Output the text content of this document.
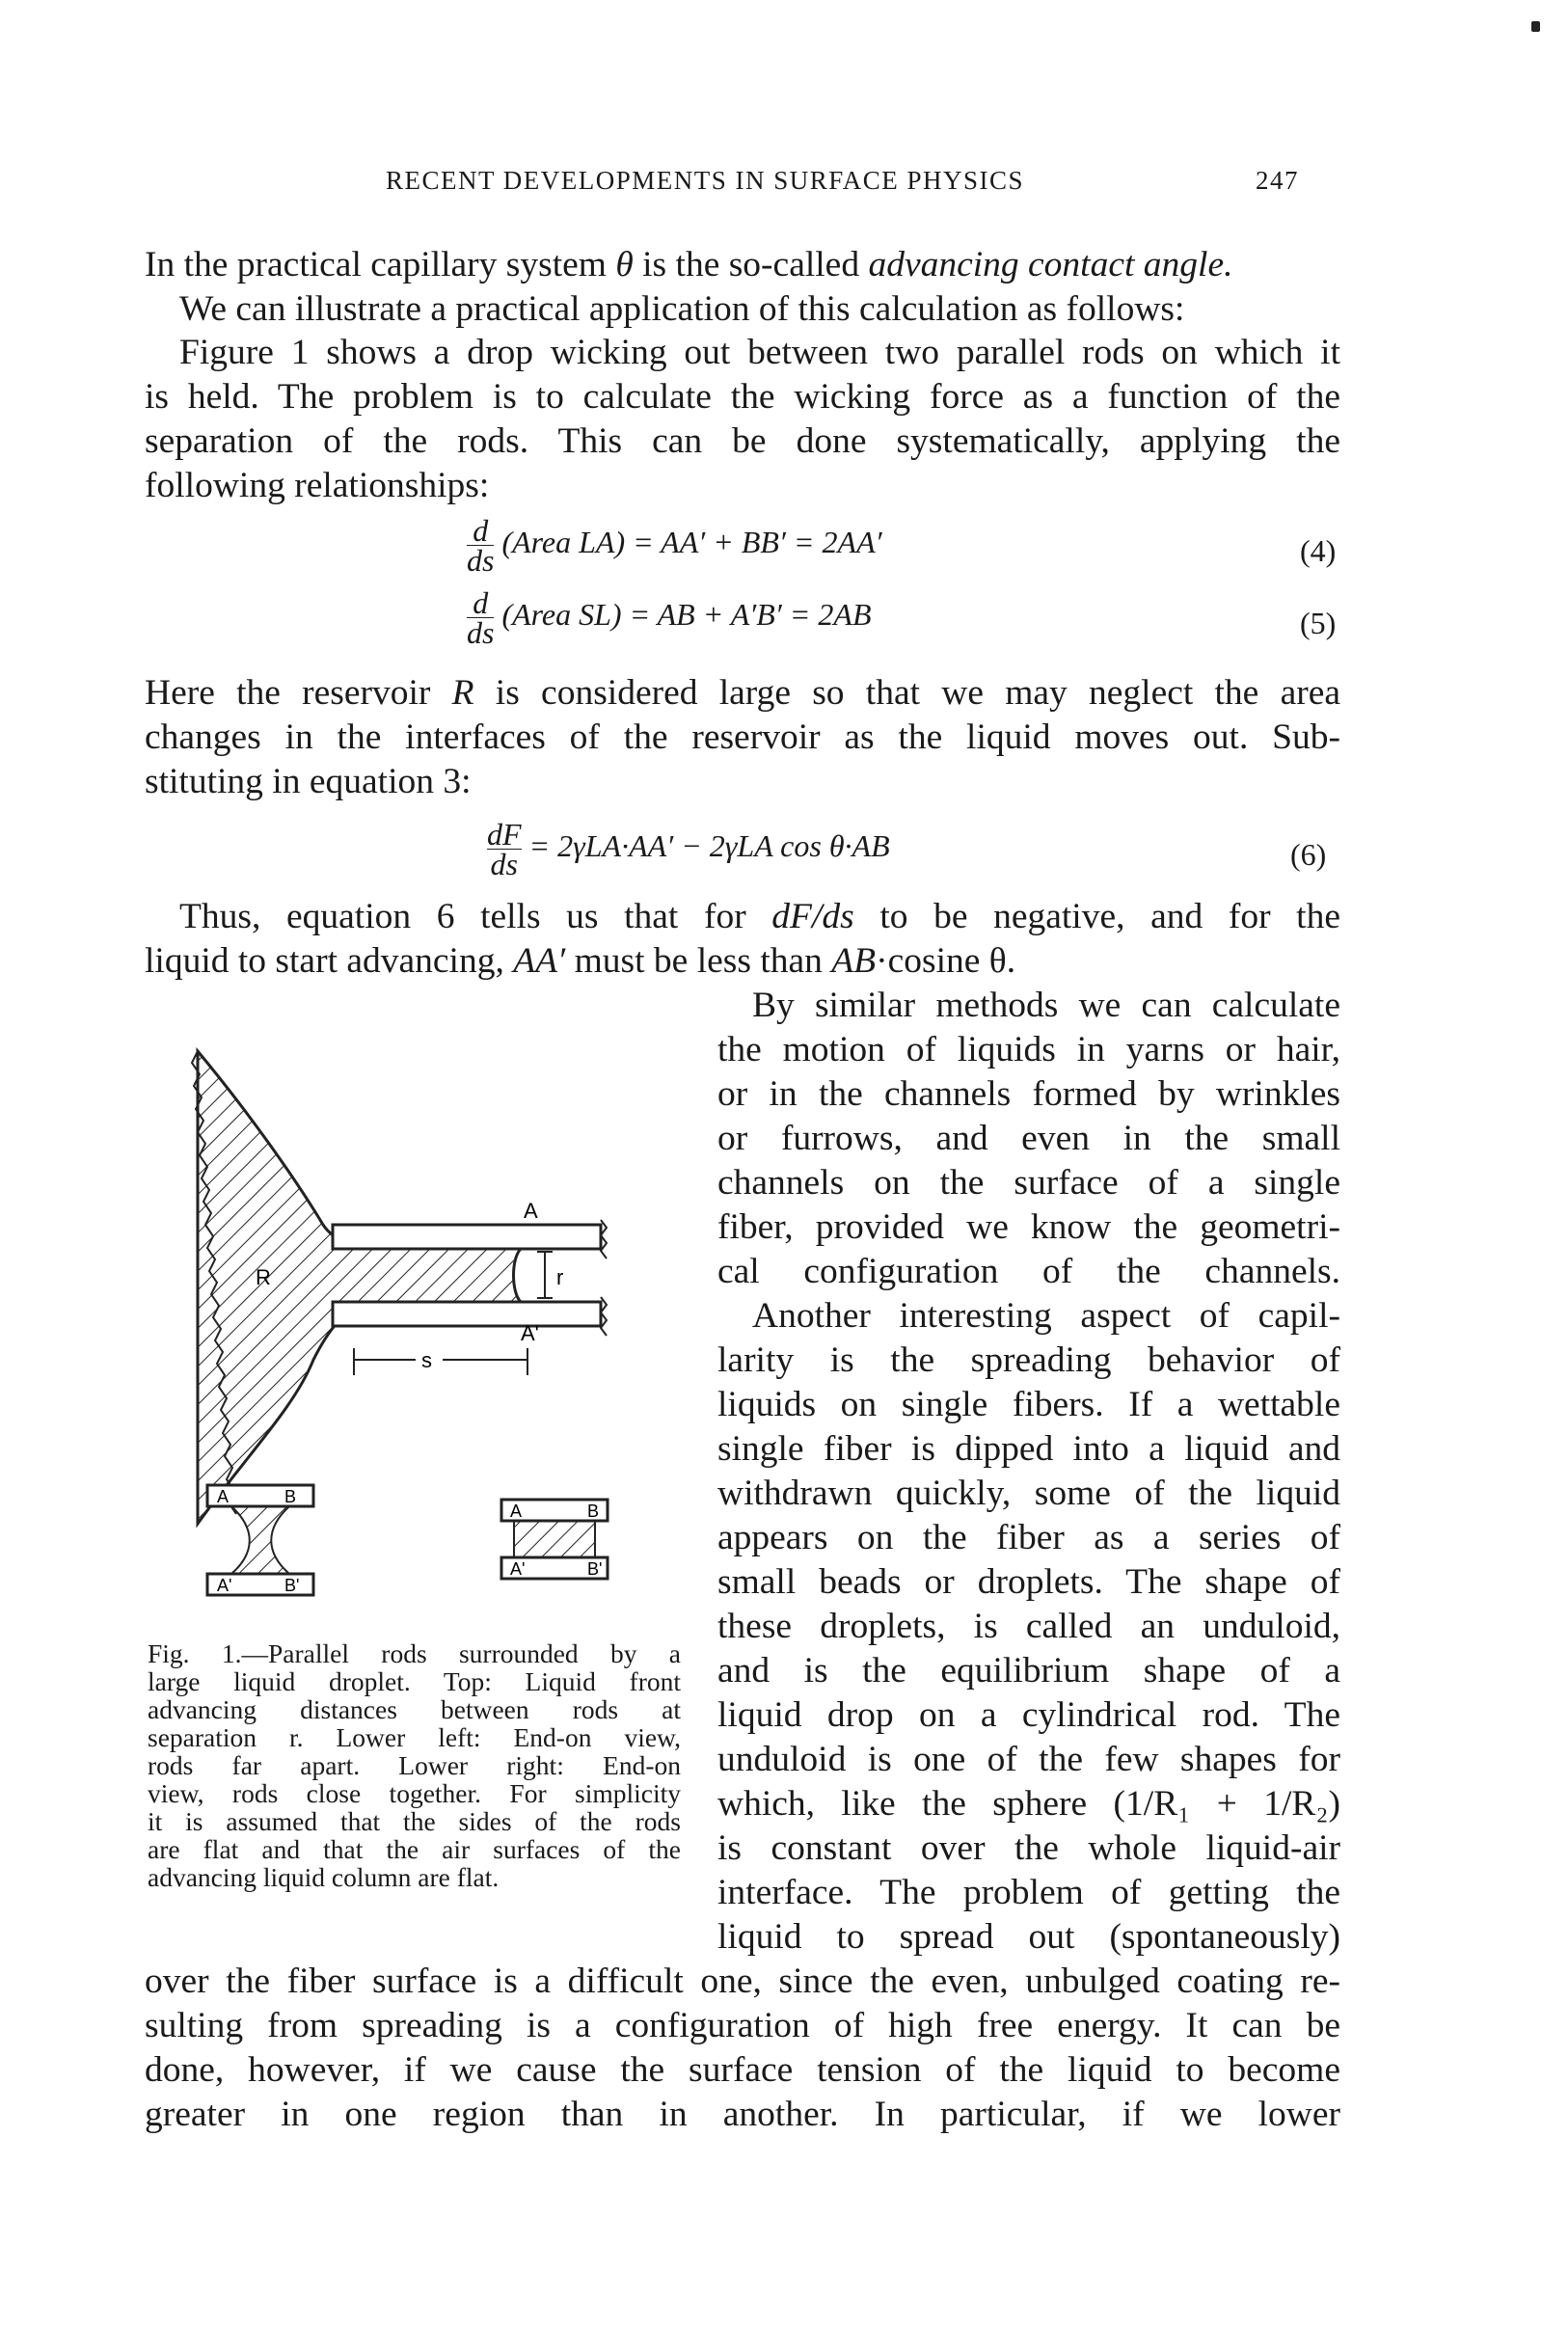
RECENT DEVELOPMENTS IN SURFACE PHYSICS	247
In the practical capillary system θ is the so-called advancing contact angle.
We can illustrate a practical application of this calculation as follows:
Figure 1 shows a drop wicking out between two parallel rods on which it
is held. The problem is to calculate the wicking force as a function of the
separation of the rods. This can be done systematically, applying the
following relationships:
$\frac{d}{ds}$ (Area LA) = AA′ + BB′ = 2AA′	(4)
$\frac{d}{ds}$ (Area SL) = AB + A′B′ = 2AB	(5)
Here the reservoir R is considered large so that we may neglect the area
changes in the interfaces of the reservoir as the liquid moves out. Sub-
stituting in equation 3:
$\frac{dF}{ds} = 2\gamma LA\cdot AA' - 2\gamma LA$ cos θ·AB	(6)
Thus, equation 6 tells us that for dF/ds to be negative, and for the
liquid to start advancing, AA′ must be less than AB·cosine θ.
By similar methods we can calculate
the motion of liquids in yarns or hair,
or in the channels formed by wrinkles
or furrows, and even in the small
channels on the surface of a single
fiber, provided we know the geometri-
cal configuration of the channels.
Another interesting aspect of capil-
larity is the spreading behavior of
liquids on single fibers. If a wettable
single fiber is dipped into a liquid and
withdrawn quickly, some of the liquid
appears on the fiber as a series of
small beads or droplets. The shape of
these droplets, is called an unduloid,
and is the equilibrium shape of a
liquid drop on a cylindrical rod. The
unduloid is one of the few shapes for
which, like the sphere (1/R₁ + 1/R₂)
is constant over the whole liquid-air
interface. The problem of getting the
liquid to spread out (spontaneously)
over the fiber surface is a difficult one, since the even, unbulged coating re-
sulting from spreading is a configuration of high free energy. It can be
done, however, if we cause the surface tension of the liquid to become
greater in one region than in another. In particular, if we lower
r
A
A'
R
s
A	B
A'	B'
A	B
A'	B'
Fig. 1.—Parallel rods surrounded by a
large liquid droplet. Top: Liquid front
advancing distances between rods at
separation r. Lower left: End-on view,
rods far apart. Lower right: End-on
view, rods close together. For simplicity
it is assumed that the sides of the rods
are flat and that the air surfaces of the
advancing liquid column are flat.
